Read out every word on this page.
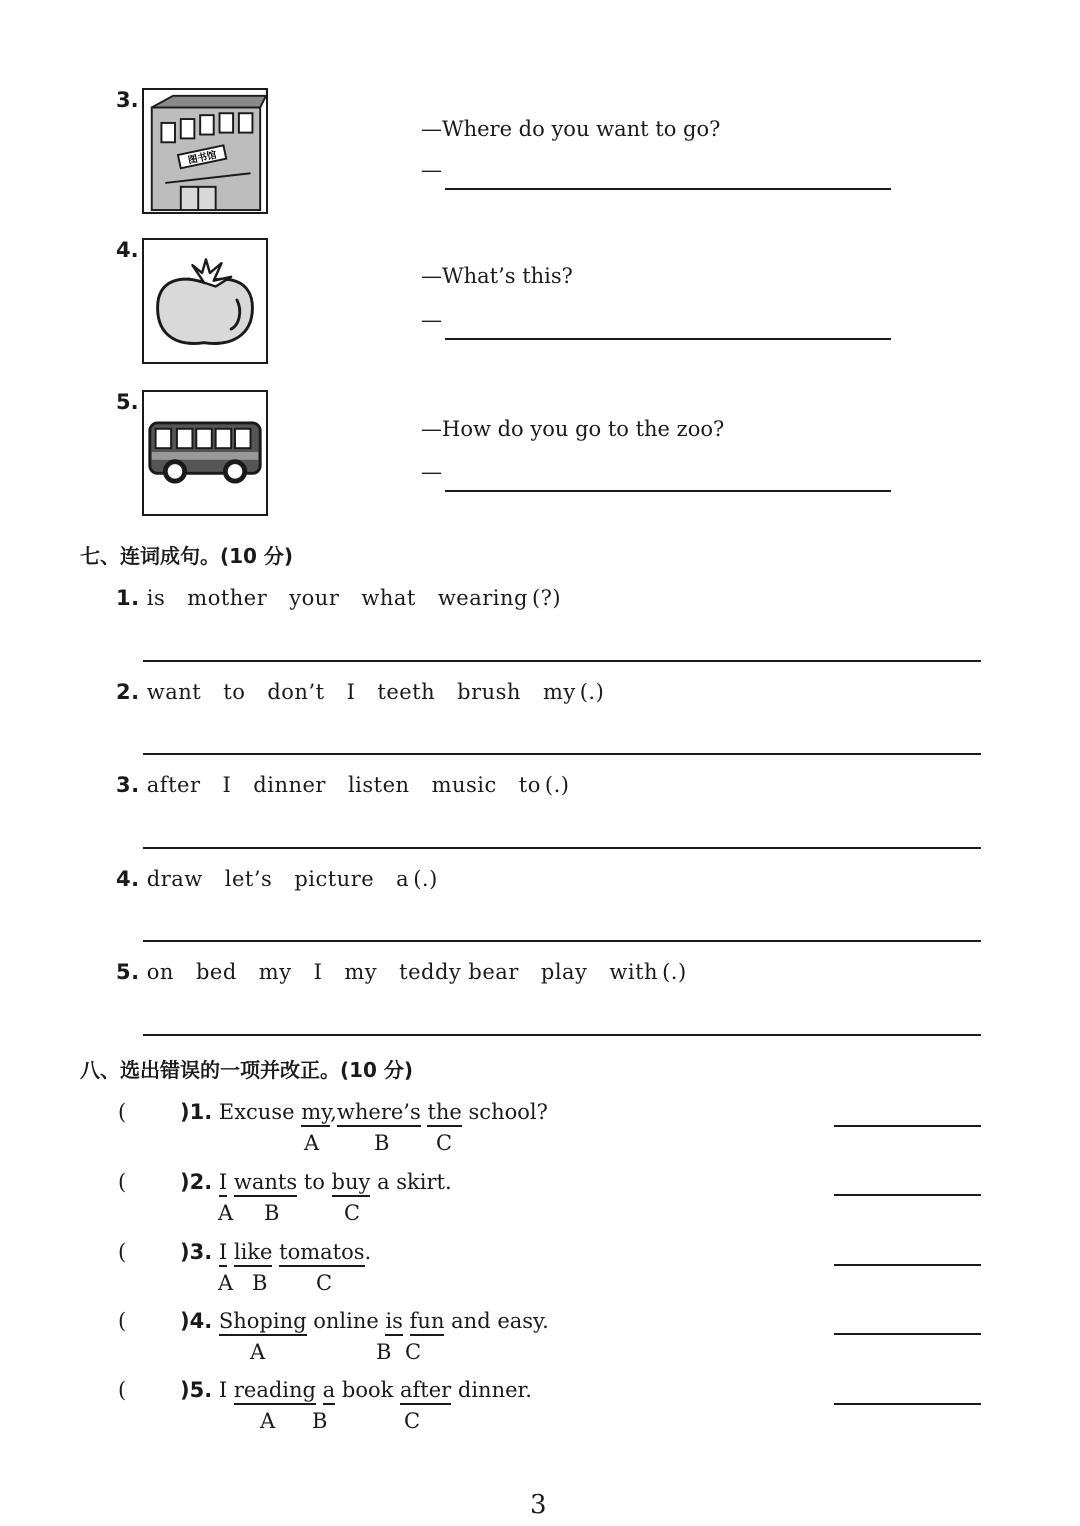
3.
图书馆
—Where do you want to go?
—
4.
—What’s this?
—
5.
—How do you go to the zoo?
—
七、连词成句。(10 分)
1. is mother your what wearing (?)
2. want to don’t I teeth brush my (.)
3. after I dinner listen music to (.)
4. draw let’s picture a (.)
5. on bed my I my teddy bear play with (.)
八、选出错误的一项并改正。(10 分)
(	)1. Excuse my,where’s the school?
A	B C
(	)2. I wants to buy a skirt.
A B	C
(	)3. I like tomatos.
A B C
(	)4. Shoping online is fun and easy.
A	B C
(	)5. I reading a book after dinner.
A B	C
3
